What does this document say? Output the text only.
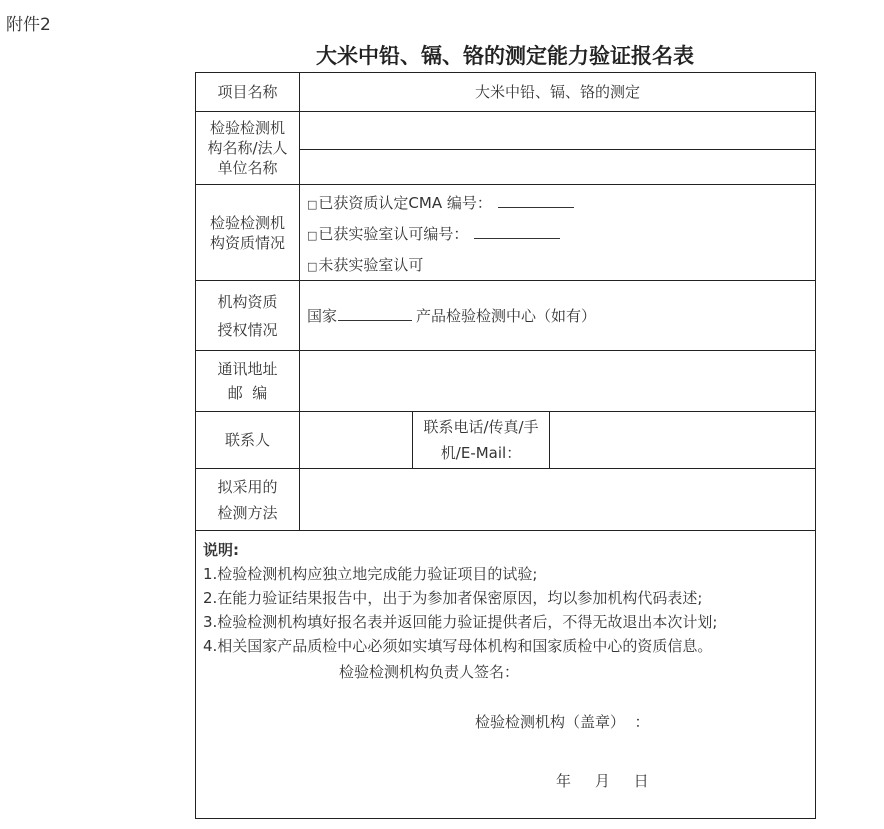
附件2
大米中铅、镉、铬的测定能力验证报名表
项目名称	大米中铅、镉、铬的测定
检验检测机
构名称/法人
单位名称
检验检测机
构资质情况
□已获资质认定CMA 编号：
□已获实验室认可编号：
□未获实验室认可
机构资质
授权情况
国家	产品检验检测中心（如有）
通讯地址
邮  编
联系人
联系电话/传真/手
机/E-Mail：
拟采用的
检测方法
说明:
1.检验检测机构应独立地完成能力验证项目的试验;
2.在能力验证结果报告中，出于为参加者保密原因，均以参加机构代码表述;
3.检验检测机构填好报名表并返回能力验证提供者后，不得无故退出本次计划;
4.相关国家产品质检中心必须如实填写母体机构和国家质检中心的资质信息。
检验检测机构负责人签名：
检验检测机构（盖章）  ：
年     月     日
